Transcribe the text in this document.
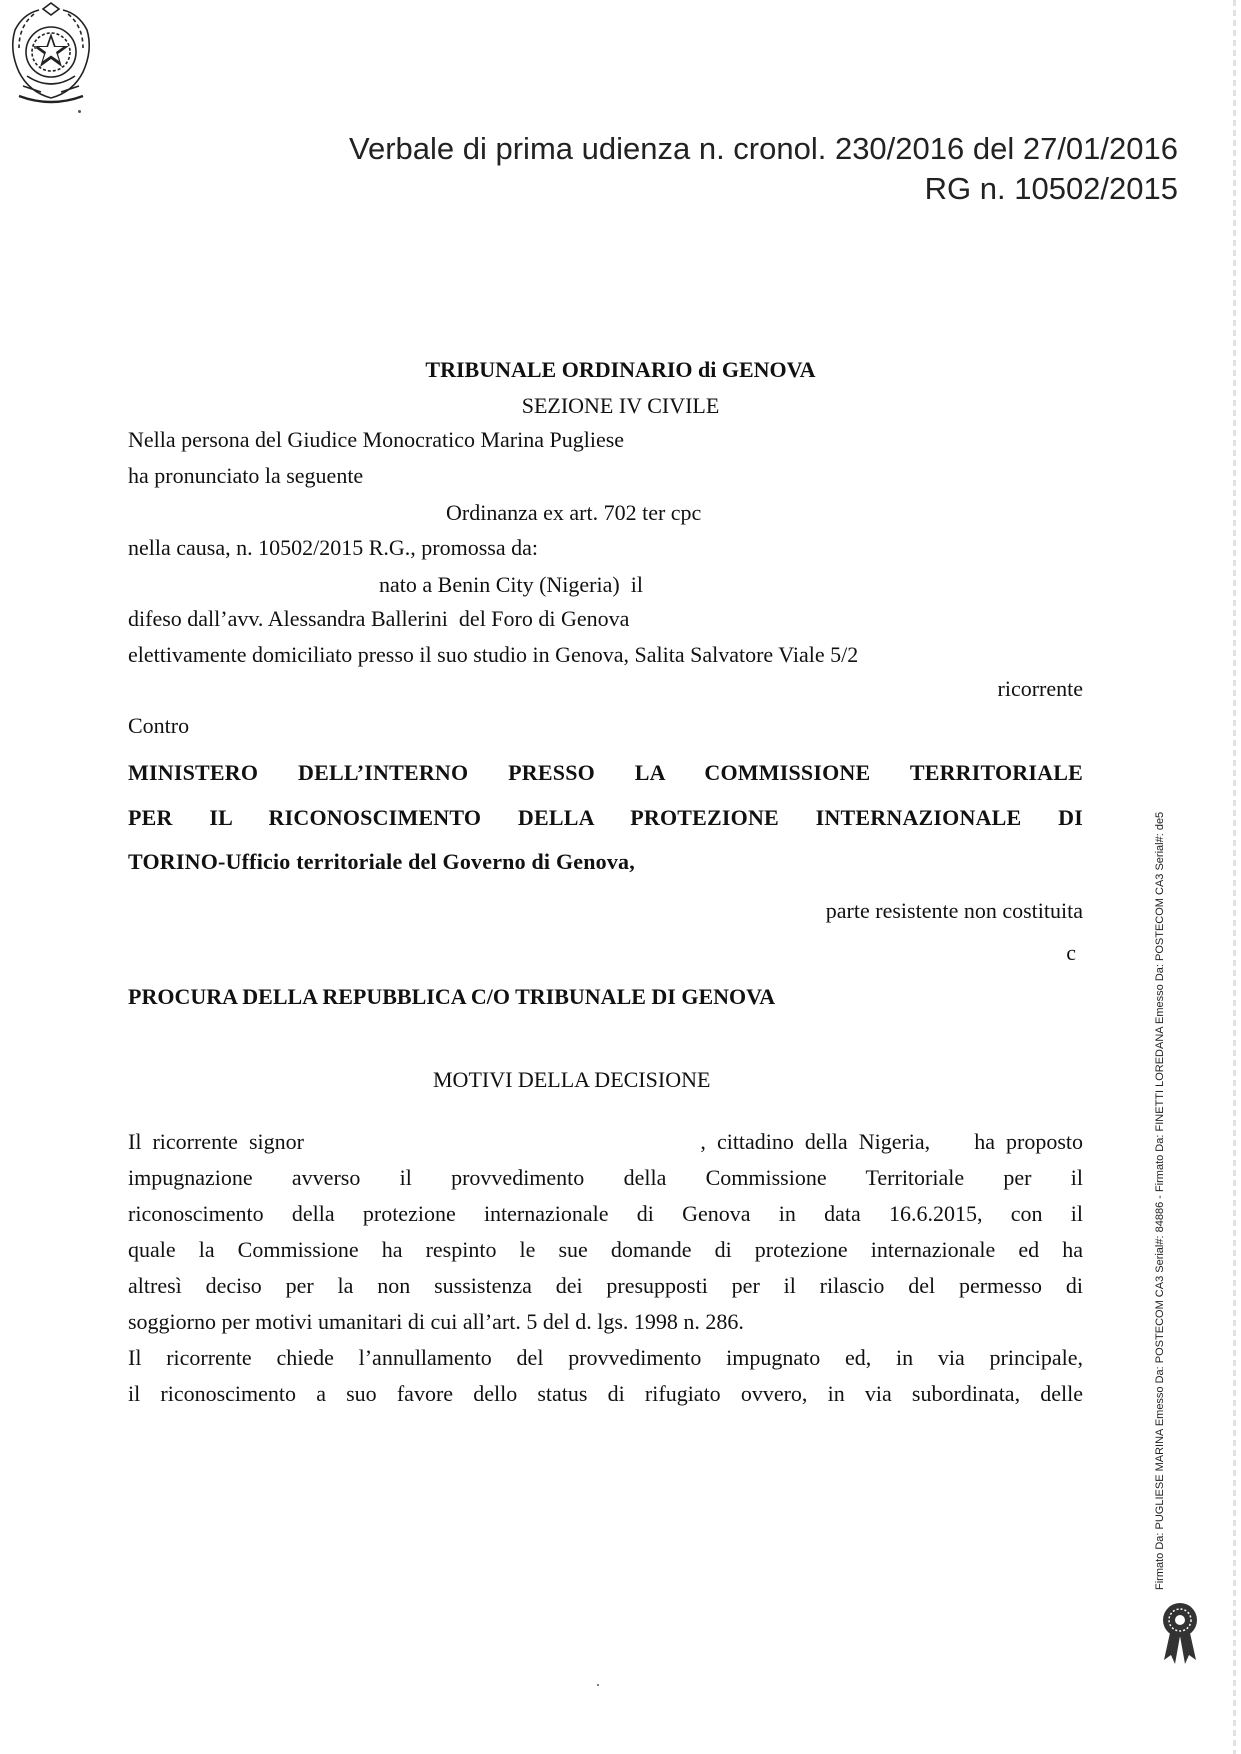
Verbale di prima udienza n. cronol. 230/2016 del 27/01/2016
RG n. 10502/2015
TRIBUNALE ORDINARIO di GENOVA
SEZIONE IV CIVILE
Nella persona del Giudice Monocratico Marina Pugliese
ha pronunciato la seguente
Ordinanza ex art. 702 ter cpc
nella causa, n. 10502/2015 R.G., promossa da:
nato a Benin City (Nigeria)  il
difeso dall’avv. Alessandra Ballerini  del Foro di Genova
elettivamente domiciliato presso il suo studio in Genova, Salita Salvatore Viale 5/2
ricorrente
Contro
MINISTERO DELL’INTERNO PRESSO LA COMMISSIONE TERRITORIALE
PER IL RICONOSCIMENTO DELLA PROTEZIONE INTERNAZIONALE DI
TORINO-Ufficio territoriale del Governo di Genova,
parte resistente non costituita
c
PROCURA DELLA REPUBBLICA C/O TRIBUNALE DI GENOVA
MOTIVI DELLA DECISIONE
Il ricorrente signor                                    , cittadino della Nigeria,    ha proposto
impugnazione avverso il provvedimento della Commissione Territoriale per il
riconoscimento della protezione internazionale di Genova in data 16.6.2015, con il
quale la Commissione ha respinto le sue domande di protezione internazionale ed ha
altresì deciso per la non sussistenza dei presupposti per il rilascio del permesso di
soggiorno per motivi umanitari di cui all’art. 5 del d. lgs. 1998 n. 286.
Il ricorrente chiede l’annullamento del provvedimento impugnato ed, in via principale,
il riconoscimento a suo favore dello status di rifugiato ovvero, in via subordinata, delle	Firmato Da: PUGLIESE MARINA Emesso Da: POSTECOM CA3 Serial#: 84886 - Firmato Da: FINETTI LOREDANA Emesso Da: POSTECOM CA3 Serial#: de5
